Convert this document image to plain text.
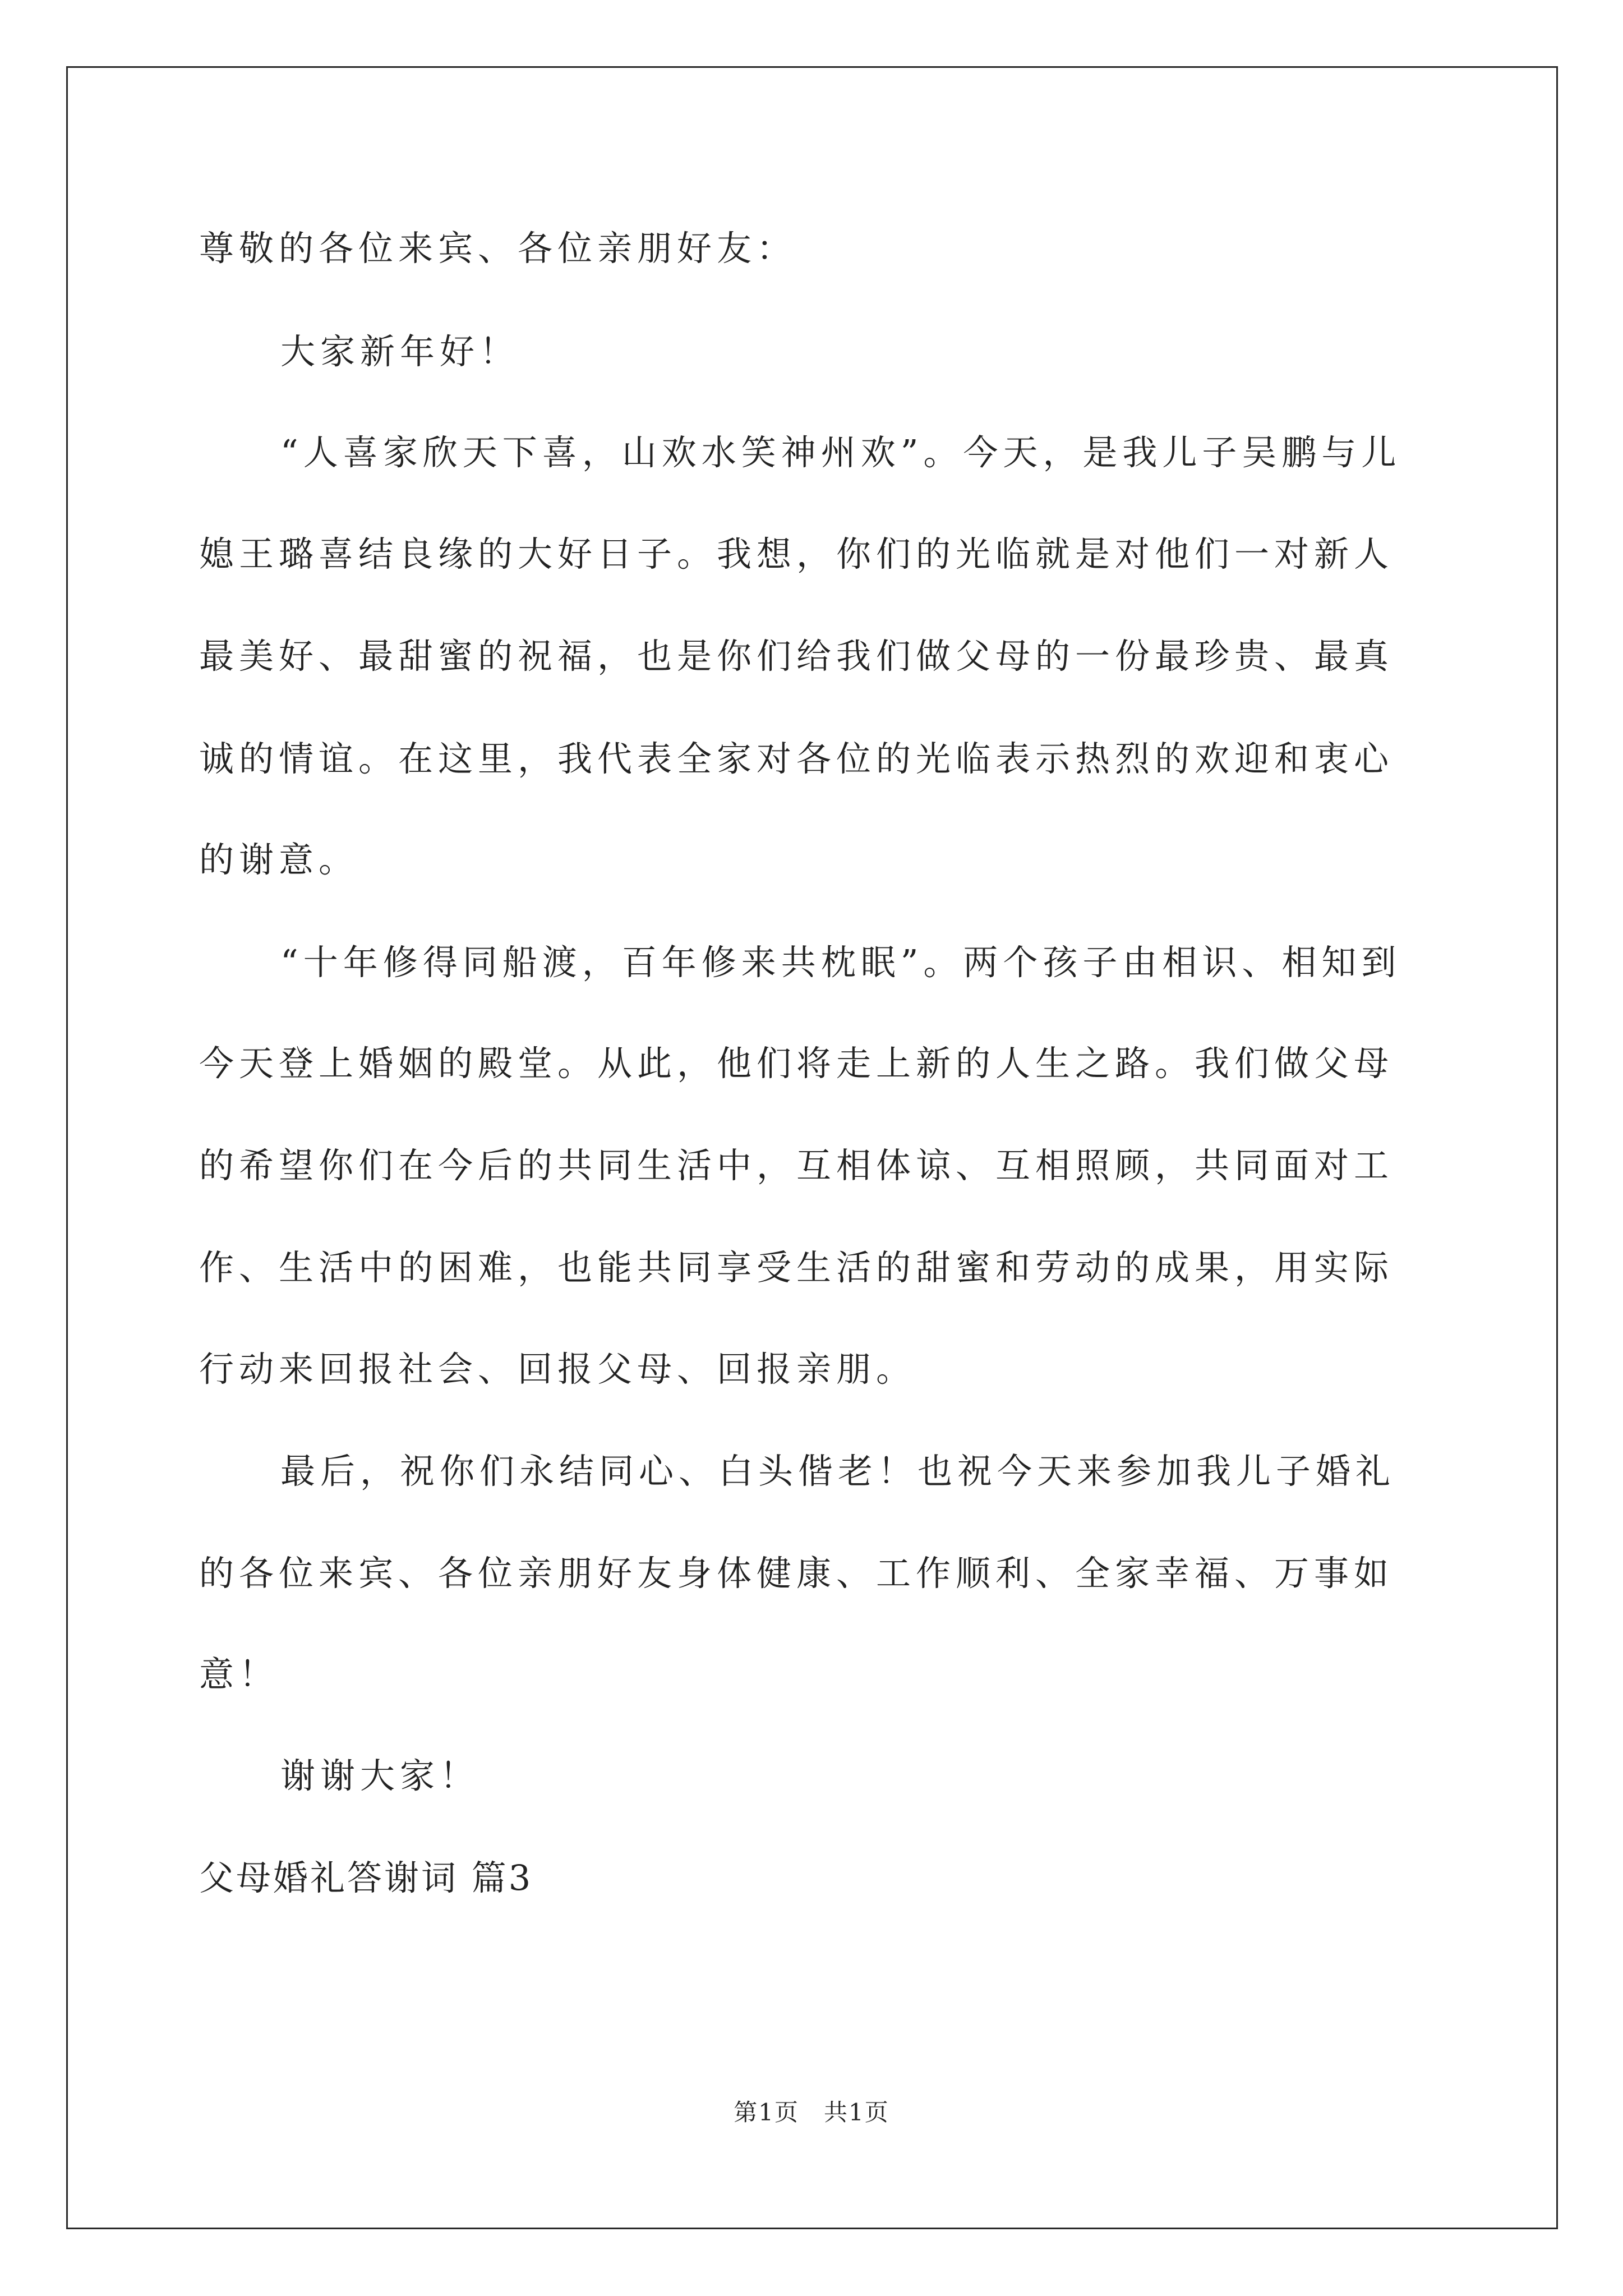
尊敬的各位来宾、各位亲朋好友：
大家新年好！
“人喜家欣天下喜，山欢水笑神州欢”。今天，是我儿子吴鹏与儿
媳王璐喜结良缘的大好日子。我想，你们的光临就是对他们一对新人
最美好、最甜蜜的祝福，也是你们给我们做父母的一份最珍贵、最真
诚的情谊。在这里，我代表全家对各位的光临表示热烈的欢迎和衷心
的谢意。
“十年修得同船渡，百年修来共枕眠”。两个孩子由相识、相知到
今天登上婚姻的殿堂。从此，他们将走上新的人生之路。我们做父母
的希望你们在今后的共同生活中，互相体谅、互相照顾，共同面对工
作、生活中的困难，也能共同享受生活的甜蜜和劳动的成果，用实际
行动来回报社会、回报父母、回报亲朋。
最后，祝你们永结同心、白头偕老！也祝今天来参加我儿子婚礼
的各位来宾、各位亲朋好友身体健康、工作顺利、全家幸福、万事如
意！
谢谢大家！
父母婚礼答谢词 篇3
第1页　共1页
